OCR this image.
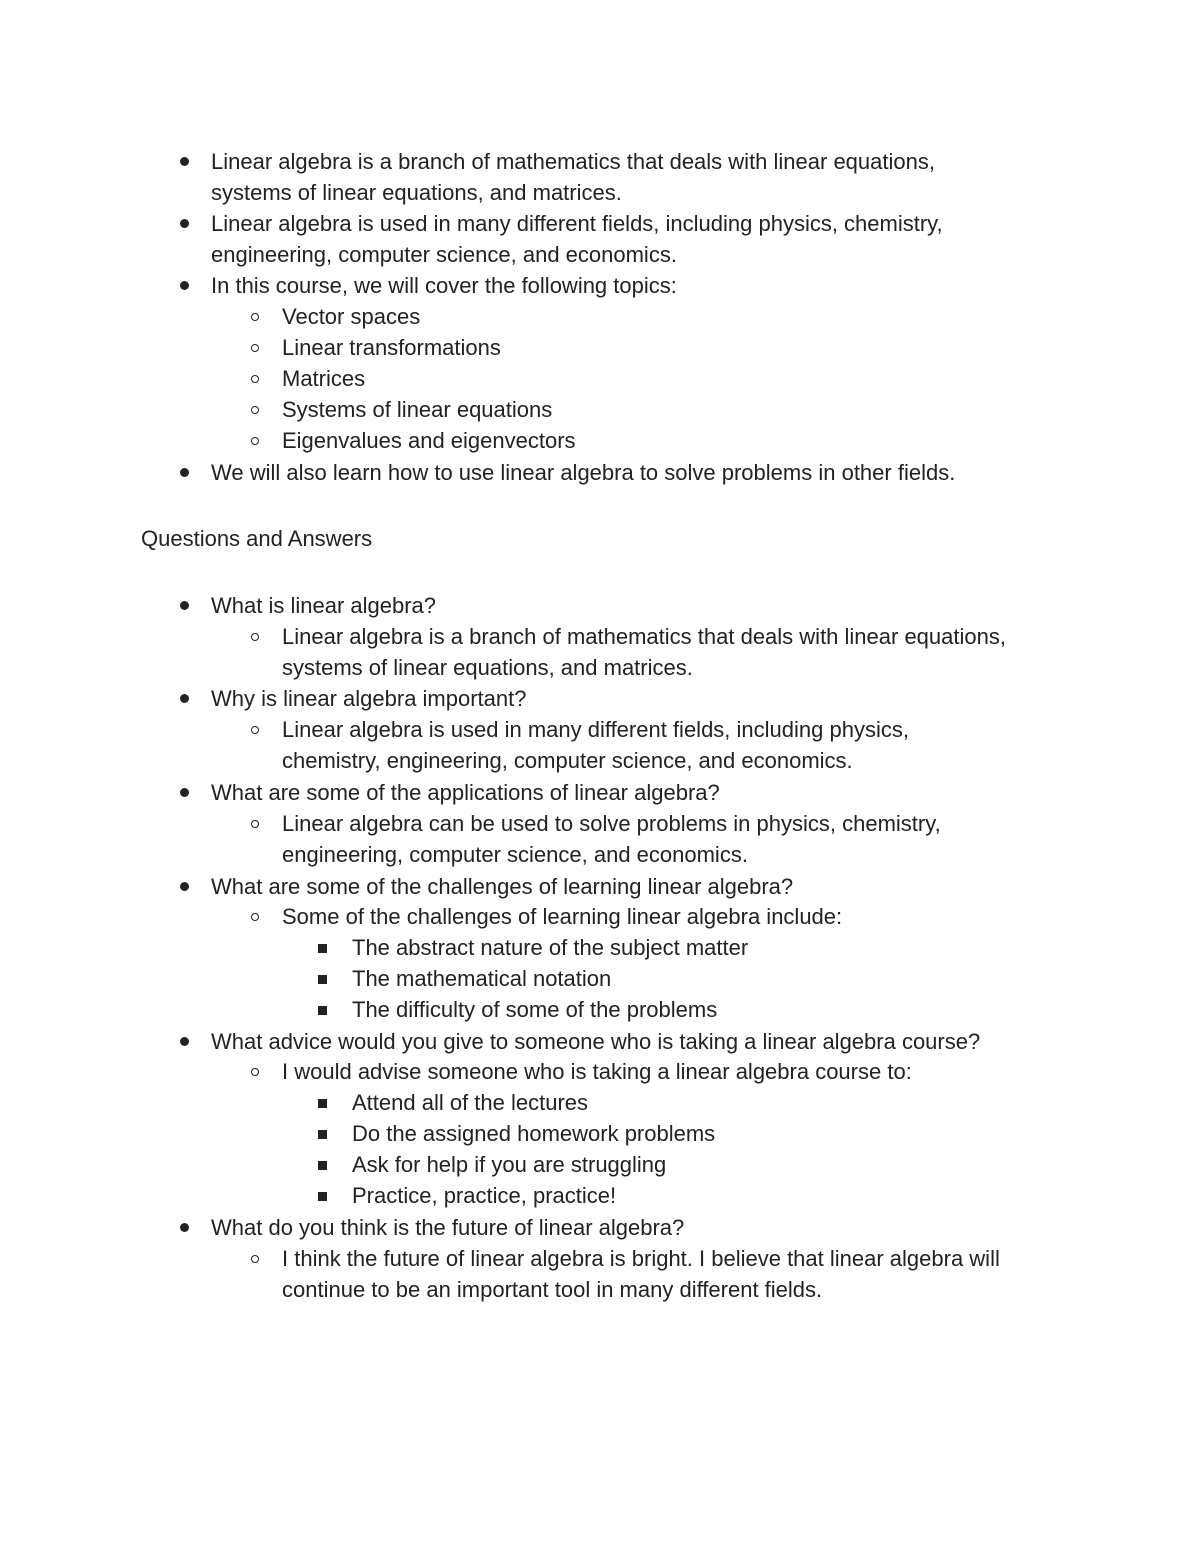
Linear algebra is a branch of mathematics that deals with linear equations,
systems of linear equations, and matrices.
Linear algebra is used in many different fields, including physics, chemistry,
engineering, computer science, and economics.
In this course, we will cover the following topics:
Vector spaces
Linear transformations
Matrices
Systems of linear equations
Eigenvalues and eigenvectors
We will also learn how to use linear algebra to solve problems in other fields.
Questions and Answers
What is linear algebra?
Linear algebra is a branch of mathematics that deals with linear equations,
systems of linear equations, and matrices.
Why is linear algebra important?
Linear algebra is used in many different fields, including physics,
chemistry, engineering, computer science, and economics.
What are some of the applications of linear algebra?
Linear algebra can be used to solve problems in physics, chemistry,
engineering, computer science, and economics.
What are some of the challenges of learning linear algebra?
Some of the challenges of learning linear algebra include:
The abstract nature of the subject matter
The mathematical notation
The difficulty of some of the problems
What advice would you give to someone who is taking a linear algebra course?
I would advise someone who is taking a linear algebra course to:
Attend all of the lectures
Do the assigned homework problems
Ask for help if you are struggling
Practice, practice, practice!
What do you think is the future of linear algebra?
I think the future of linear algebra is bright. I believe that linear algebra will
continue to be an important tool in many different fields.
